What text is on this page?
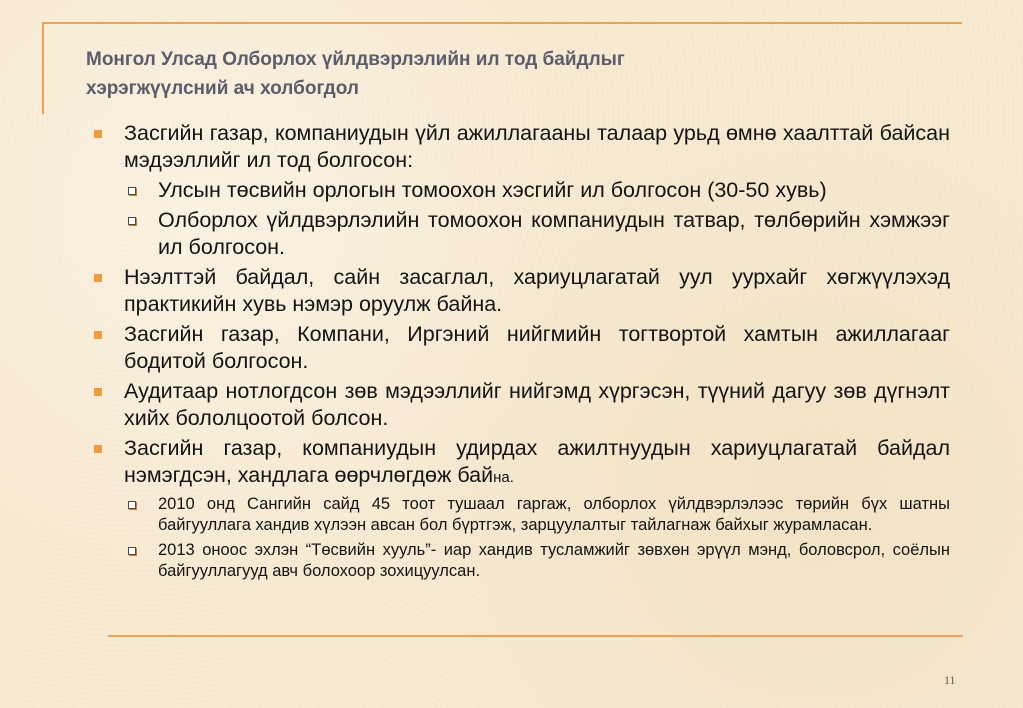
Монгол Улсад Олборлох үйлдвэрлэлийн ил тод байдлыг
хэрэгжүүлсний ач холбогдол
Засгийн газар, компаниудын үйл ажиллагааны талаар урьд өмнө хаалттай байсан мэдээллийг ил тод болгосон:
Улсын төсвийн орлогын томоохон хэсгийг ил болгосон (30-50 хувь)
Олборлох үйлдвэрлэлийн томоохон компаниудын татвар, төлбөрийн хэмжээг ил болгосон.
Нээлттэй байдал, сайн засаглал, хариуцлагатай уул уурхайг хөгжүүлэхэд практикийн хувь нэмэр оруулж байна.
Засгийн газар, Компани, Иргэний нийгмийн тогтвортой хамтын ажиллагааг бодитой болгосон.
Аудитаар нотлогдсон зөв мэдээллийг нийгэмд хүргэсэн, түүний дагуу зөв дүгнэлт хийх бололцоотой болсон.
Засгийн газар, компаниудын удирдах ажилтнуудын хариуцлагатай байдал нэмэгдсэн, хандлага өөрчлөгдөж байна.
2010 онд Сангийн сайд 45 тоот тушаал гаргаж, олборлох үйлдвэрлэлээс төрийн бүх шатны байгууллага хандив хүлээн авсан бол бүртгэж, зарцуулалтыг тайлагнаж байхыг журамласан.
2013 оноос эхлэн “Төсвийн хууль”- иар хандив тусламжийг зөвхөн эрүүл мэнд, боловсрол, соёлын байгууллагууд авч болохоор зохицуулсан.
11
